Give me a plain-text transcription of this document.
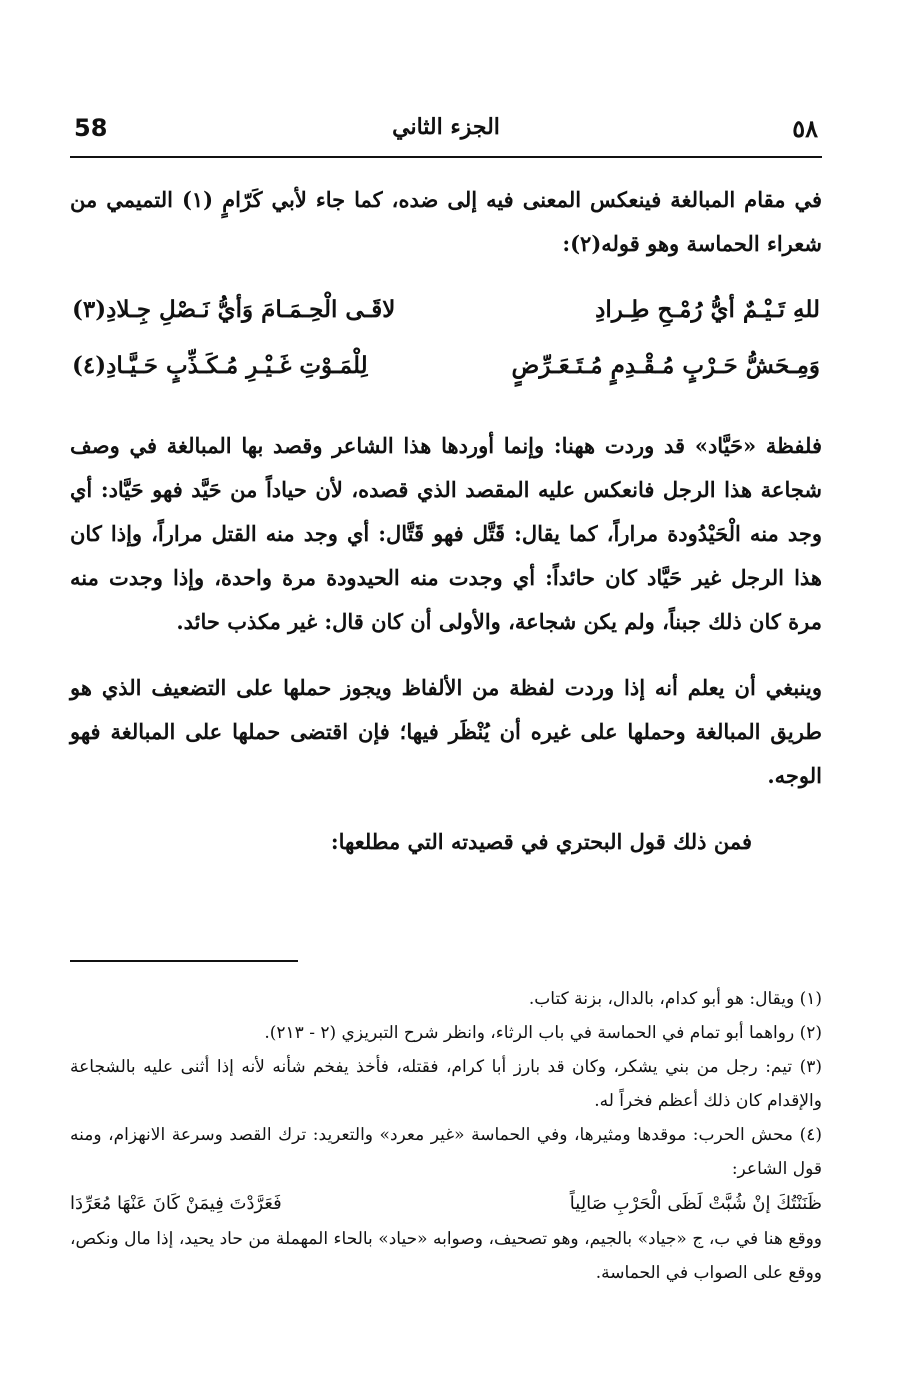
58	الجزء الثاني	٥٨

في مقام المبالغة فينعكس المعنى فيه إلى ضده، كما جاء لأبي كَرّامٍ (١) التميمي من شعراء الحماسة وهو قوله(٢):

للهِ تَـيْـمٌ أيُّ رُمْـحِ طِـرادِ
لاقَـى الْحِـمَـامَ وَأيُّ نَـصْلِ جِـلادِ(٣)
وَمِـحَشُّ حَـرْبٍ مُـقْـدِمٍ مُـتَـعَـرِّضٍ
لِلْمَـوْتِ غَـيْـرِ مُـكَـذِّبٍ حَـيَّـادِ(٤)

فلفظة «حَيَّاد» قد وردت ههنا: وإنما أوردها هذا الشاعر وقصد بها المبالغة في وصف شجاعة هذا الرجل فانعكس عليه المقصد الذي قصده، لأن حياداً من حَيَّد فهو حَيَّاد: أي وجد منه الْحَيْدُودة مراراً، كما يقال: قَتَّل فهو قَتَّال: أي وجد منه القتل مراراً، وإذا كان هذا الرجل غير حَيَّاد كان حائداً: أي وجدت منه الحيدودة مرة واحدة، وإذا وجدت منه مرة كان ذلك جبناً، ولم يكن شجاعة، والأولى أن كان قال: غير مكذب حائد.

وينبغي أن يعلم أنه إذا وردت لفظة من الألفاظ ويجوز حملها على التضعيف الذي هو طريق المبالغة وحملها على غيره أن يُنْظَر فيها؛ فإن اقتضى حملها على المبالغة فهو الوجه.

فمن ذلك قول البحتري في قصيدته التي مطلعها:

(١) ويقال: هو أبو كدام، بالدال، بزنة كتاب.

(٢) رواهما أبو تمام في الحماسة في باب الرثاء، وانظر شرح التبريزي (٢ - ٢١٣).

(٣) تيم: رجل من بني يشكر، وكان قد بارز أبا كرام، فقتله، فأخذ يفخم شأنه لأنه إذا أثنى عليه بالشجاعة والإقدام كان ذلك أعظم فخراً له.

(٤) محش الحرب: موقدها ومثيرها، وفي الحماسة «غير معرد» والتعريد: ترك القصد وسرعة الانهزام، ومنه قول الشاعر:

ظَنَنْتُكَ إنْ شُبَّتْ لَظَى الْحَرْبِ صَالِياً
فَعَرَّدْتَ فِيمَنْ كَانَ عَنْهَا مُعَرِّدَا

ووقع هنا في ب، ج «جياد» بالجيم، وهو تصحيف، وصوابه «حياد» بالحاء المهملة من حاد يحيد، إذا مال ونكص، ووقع على الصواب في الحماسة.
